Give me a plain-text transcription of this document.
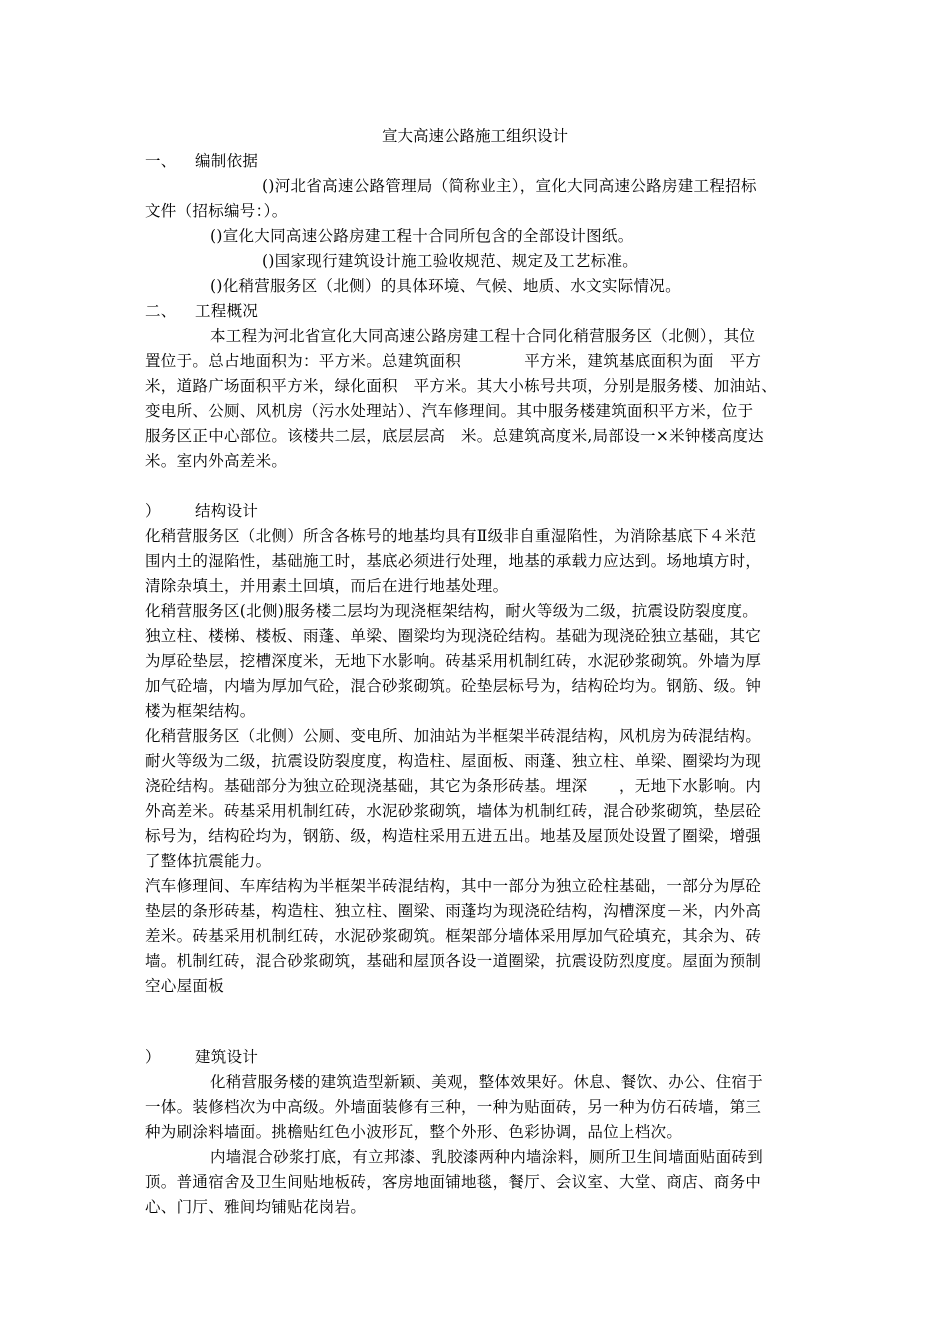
宣大高速公路施工组织设计
一、 编制依据
()河北省高速公路管理局（简称业主），宣化大同高速公路房建工程招标
文件（招标编号：）。
()宣化大同高速公路房建工程十合同所包含的全部设计图纸。
()国家现行建筑设计施工验收规范、规定及工艺标准。
()化稍营服务区（北侧）的具体环境、气候、地质、水文实际情况。
二、 工程概况
本工程为河北省宣化大同高速公路房建工程十合同化稍营服务区（北侧），其位
置位于。总占地面积为：平方米。总建筑面积　　　　平方米，建筑基底面积为面　平方
米，道路广场面积平方米，绿化面积　平方米。其大小栋号共项，分别是服务楼、加油站、
变电所、公厕、风机房（污水处理站）、汽车修理间。其中服务楼建筑面积平方米，位于
服务区正中心部位。该楼共二层，底层层高　米。总建筑高度米,局部设一×米钟楼高度达
米。室内外高差米。
） 结构设计
化稍营服务区（北侧）所含各栋号的地基均具有Ⅱ级非自重湿陷性，为消除基底下４米范
围内土的湿陷性，基础施工时，基底必须进行处理，地基的承载力应达到。场地填方时，
清除杂填土，并用素土回填，而后在进行地基处理。
化稍营服务区(北侧)服务楼二层均为现浇框架结构，耐火等级为二级，抗震设防裂度度。
独立柱、楼梯、楼板、雨蓬、单梁、圈梁均为现浇砼结构。基础为现浇砼独立基础，其它
为厚砼垫层，挖槽深度米，无地下水影响。砖基采用机制红砖，水泥砂浆砌筑。外墙为厚
加气砼墙，内墙为厚加气砼，混合砂浆砌筑。砼垫层标号为，结构砼均为。钢筋、级。钟
楼为框架结构。
化稍营服务区（北侧）公厕、变电所、加油站为半框架半砖混结构，风机房为砖混结构。
耐火等级为二级，抗震设防裂度度，构造柱、屋面板、雨蓬、独立柱、单梁、圈梁均为现
浇砼结构。基础部分为独立砼现浇基础，其它为条形砖基。埋深　　，无地下水影响。内
外高差米。砖基采用机制红砖，水泥砂浆砌筑，墙体为机制红砖，混合砂浆砌筑，垫层砼
标号为，结构砼均为，钢筋、级，构造柱采用五进五出。地基及屋顶处设置了圈梁，增强
了整体抗震能力。
汽车修理间、车库结构为半框架半砖混结构，其中一部分为独立砼柱基础，一部分为厚砼
垫层的条形砖基，构造柱、独立柱、圈梁、雨蓬均为现浇砼结构，沟槽深度－米，内外高
差米。砖基采用机制红砖，水泥砂浆砌筑。框架部分墙体采用厚加气砼填充，其余为、砖
墙。机制红砖，混合砂浆砌筑，基础和屋顶各设一道圈梁，抗震设防烈度度。屋面为预制
空心屋面板
） 建筑设计
化稍营服务楼的建筑造型新颖、美观，整体效果好。休息、餐饮、办公、住宿于
一体。装修档次为中高级。外墙面装修有三种，一种为贴面砖，另一种为仿石砖墙，第三
种为刷涂料墙面。挑檐贴红色小波形瓦，整个外形、色彩协调，品位上档次。
内墙混合砂浆打底，有立邦漆、乳胶漆两种内墙涂料，厕所卫生间墙面贴面砖到
顶。普通宿舍及卫生间贴地板砖，客房地面铺地毯，餐厅、会议室、大堂、商店、商务中
心、门厅、雅间均铺贴花岗岩。
